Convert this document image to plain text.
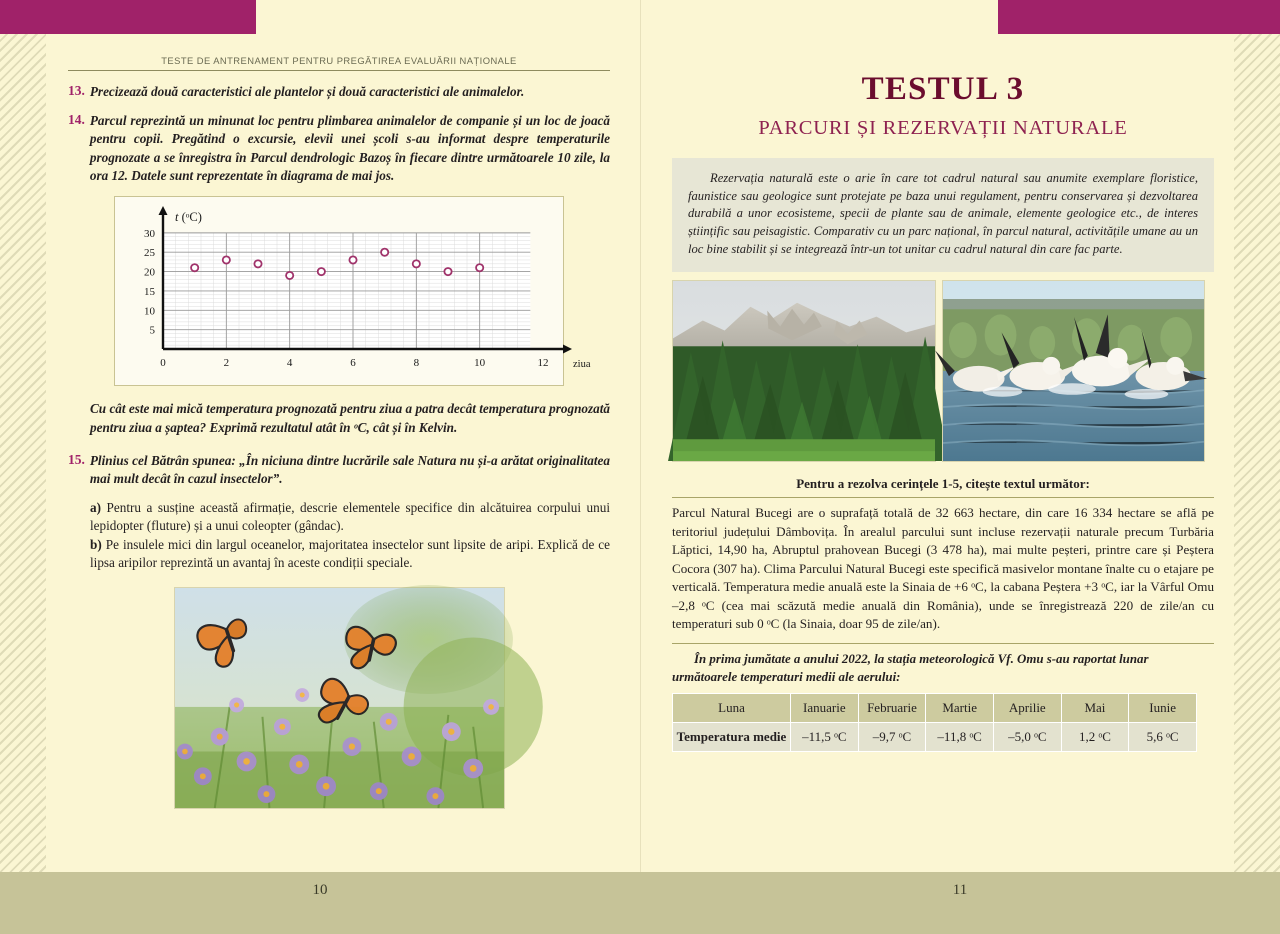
TESTE DE ANTRENAMENT PENTRU PREGĂTIREA EVALUĂRII NAȚIONALE
13. Precizează două caracteristici ale plantelor și două caracteristici ale animalelor.
14. Parcul reprezintă un minunat loc pentru plimbarea animalelor de companie și un loc de joacă pentru copii. Pregătind o excursie, elevii unei școli s-au informat despre temperaturile prognozate a se înregistra în Parcul dendrologic Bazoș în fiecare dintre următoarele 10 zile, la ora 12. Datele sunt reprezentate în diagrama de mai jos.
5
10
15
20
25
30
0	2	4	6	8	10	12
t (ᵒC)
ziua
Cu cât este mai mică temperatura prognozată pentru ziua a patra decât temperatura prognozată pentru ziua a șaptea? Exprimă rezultatul atât în ᵒC, cât și în Kelvin.
15. Plinius cel Bătrân spunea: „În niciuna dintre lucrările sale Natura nu și-a arătat originalitatea mai mult decât în cazul insectelor”.
a) Pentru a susține această afirmație, descrie elementele specifice din alcătuirea corpului unui lepidopter (fluture) și a unui coleopter (gândac).
b) Pe insulele mici din largul oceanelor, majoritatea insectelor sunt lipsite de aripi. Explică de ce lipsa aripilor reprezintă un avantaj în aceste condiții speciale.
TESTUL 3
PARCURI ȘI REZERVAȚII NATURALE
Rezervația naturală este o arie în care tot cadrul natural sau anumite exemplare floristice, faunistice sau geologice sunt protejate pe baza unui regulament, pentru conservarea și dezvoltarea durabilă a unor ecosisteme, specii de plante sau de animale, elemente geologice etc., de interes științific sau peisagistic. Comparativ cu un parc național, în parcul natural, activitățile umane au un loc bine stabilit și se integrează într-un tot unitar cu cadrul natural din care fac parte.
Pentru a rezolva cerințele 1-5, citește textul următor:
Parcul Natural Bucegi are o suprafață totală de 32 663 hectare, din care 16 334 hectare se află pe teritoriul județului Dâmbovița. În arealul parcului sunt incluse rezervații naturale precum Turbăria Lăptici, 14,90 ha, Abruptul prahovean Bucegi (3 478 ha), mai multe peșteri, printre care și Peștera Cocora (307 ha). Clima Parcului Natural Bucegi este specifică masivelor montane înalte cu o etajare pe verticală. Temperatura medie anuală este la Sinaia de +6 ᵒC, la cabana Peștera +3 ᵒC, iar la Vârful Omu –2,8 ᵒC (cea mai scăzută medie anuală din România), unde se înregistrează 220 de zile/an cu temperaturi sub 0 ᵒC (la Sinaia, doar 95 de zile/an).
În prima jumătate a anului 2022, la stația meteorologică Vf. Omu s-au raportat lunar următoarele temperaturi medii ale aerului:
Luna	Ianuarie	Februarie	Martie	Aprilie	Mai	Iunie
Temperatura medie	–11,5 ᵒC	–9,7 ᵒC	–11,8 ᵒC	–5,0 ᵒC	1,2 ᵒC	5,6 ᵒC
10	11
